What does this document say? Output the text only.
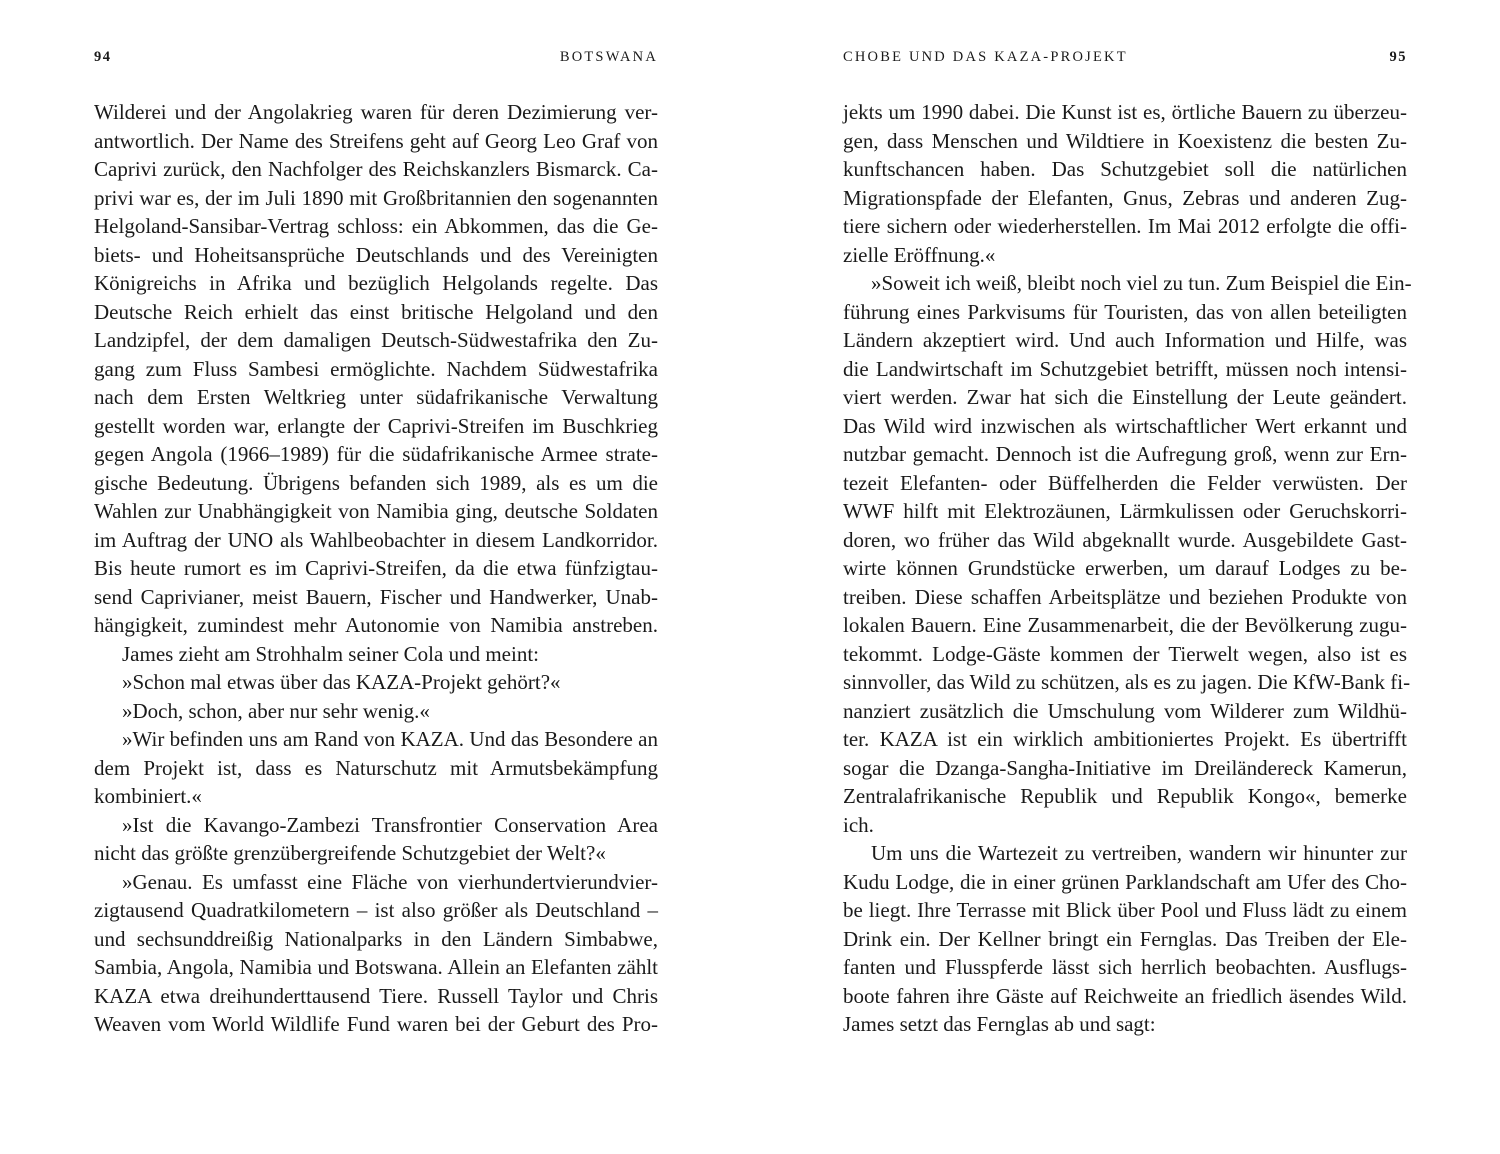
94	BOTSWANA
Wilderei und der Angolakrieg waren für deren Dezimierung ver-
antwortlich. Der Name des Streifens geht auf Georg Leo Graf von
Caprivi zurück, den Nachfolger des Reichskanzlers Bismarck. Ca-
privi war es, der im Juli 1890 mit Großbritannien den sogenannten
Helgoland-Sansibar-Vertrag schloss: ein Abkommen, das die Ge-
biets- und Hoheitsansprüche Deutschlands und des Vereinigten
Königreichs in Afrika und bezüglich Helgolands regelte. Das
Deutsche Reich erhielt das einst britische Helgoland und den
Landzipfel, der dem damaligen Deutsch-Südwestafrika den Zu-
gang zum Fluss Sambesi ermöglichte. Nachdem Südwestafrika
nach dem Ersten Weltkrieg unter südafrikanische Verwaltung
gestellt worden war, erlangte der Caprivi-Streifen im Buschkrieg
gegen Angola (1966–1989) für die südafrikanische Armee strate-
gische Bedeutung. Übrigens befanden sich 1989, als es um die
Wahlen zur Unabhängigkeit von Namibia ging, deutsche Soldaten
im Auftrag der UNO als Wahlbeobachter in diesem Landkorridor.
Bis heute rumort es im Caprivi-Streifen, da die etwa fünfzigtau-
send Caprivianer, meist Bauern, Fischer und Handwerker, Unab-
hängigkeit, zumindest mehr Autonomie von Namibia anstreben.
James zieht am Strohhalm seiner Cola und meint:
»Schon mal etwas über das KAZA-Projekt gehört?«
»Doch, schon, aber nur sehr wenig.«
»Wir befinden uns am Rand von KAZA. Und das Besondere an
dem Projekt ist, dass es Naturschutz mit Armutsbekämpfung
kombiniert.«
»Ist die Kavango-Zambezi Transfrontier Conservation Area
nicht das größte grenzübergreifende Schutzgebiet der Welt?«
»Genau. Es umfasst eine Fläche von vierhundertvierundvier-
zigtausend Quadratkilometern – ist also größer als Deutschland –
und sechsunddreißig Nationalparks in den Ländern Simbabwe,
Sambia, Angola, Namibia und Botswana. Allein an Elefanten zählt
KAZA etwa dreihunderttausend Tiere. Russell Taylor und Chris
Weaven vom World Wildlife Fund waren bei der Geburt des Pro-
CHOBE UND DAS KAZA-PROJEKT	95
jekts um 1990 dabei. Die Kunst ist es, örtliche Bauern zu überzeu-
gen, dass Menschen und Wildtiere in Koexistenz die besten Zu-
kunftschancen haben. Das Schutzgebiet soll die natürlichen
Migrationspfade der Elefanten, Gnus, Zebras und anderen Zug-
tiere sichern oder wiederherstellen. Im Mai 2012 erfolgte die offi-
zielle Eröffnung.«
»Soweit ich weiß, bleibt noch viel zu tun. Zum Beispiel die Ein-
führung eines Parkvisums für Touristen, das von allen beteiligten
Ländern akzeptiert wird. Und auch Information und Hilfe, was
die Landwirtschaft im Schutzgebiet betrifft, müssen noch intensi-
viert werden. Zwar hat sich die Einstellung der Leute geändert.
Das Wild wird inzwischen als wirtschaftlicher Wert erkannt und
nutzbar gemacht. Dennoch ist die Aufregung groß, wenn zur Ern-
tezeit Elefanten- oder Büffelherden die Felder verwüsten. Der
WWF hilft mit Elektrozäunen, Lärmkulissen oder Geruchskorri-
doren, wo früher das Wild abgeknallt wurde. Ausgebildete Gast-
wirte können Grundstücke erwerben, um darauf Lodges zu be-
treiben. Diese schaffen Arbeitsplätze und beziehen Produkte von
lokalen Bauern. Eine Zusammenarbeit, die der Bevölkerung zugu-
tekommt. Lodge-Gäste kommen der Tierwelt wegen, also ist es
sinnvoller, das Wild zu schützen, als es zu jagen. Die KfW-Bank fi-
nanziert zusätzlich die Umschulung vom Wilderer zum Wildhü-
ter. KAZA ist ein wirklich ambitioniertes Projekt. Es übertrifft
sogar die Dzanga-Sangha-Initiative im Dreiländereck Kamerun,
Zentralafrikanische Republik und Republik Kongo«, bemerke
ich.
Um uns die Wartezeit zu vertreiben, wandern wir hinunter zur
Kudu Lodge, die in einer grünen Parklandschaft am Ufer des Cho-
be liegt. Ihre Terrasse mit Blick über Pool und Fluss lädt zu einem
Drink ein. Der Kellner bringt ein Fernglas. Das Treiben der Ele-
fanten und Flusspferde lässt sich herrlich beobachten. Ausflugs-
boote fahren ihre Gäste auf Reichweite an friedlich äsendes Wild.
James setzt das Fernglas ab und sagt:
